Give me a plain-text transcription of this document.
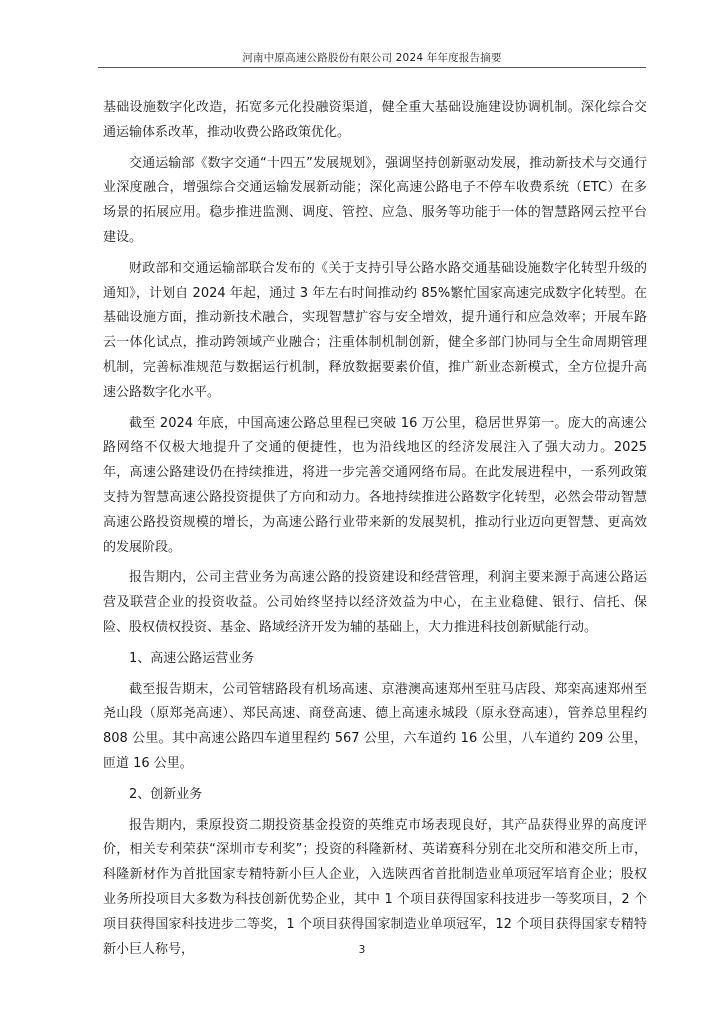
河南中原高速公路股份有限公司 2024 年年度报告摘要

基础设施数字化改造，拓宽多元化投融资渠道，健全重大基础设施建设协调机制。深化综合交通运输体系改革，推动收费公路政策优化。

交通运输部《数字交通“十四五”发展规划》，强调坚持创新驱动发展，推动新技术与交通行业深度融合，增强综合交通运输发展新动能；深化高速公路电子不停车收费系统（ETC）在多场景的拓展应用。稳步推进监测、调度、管控、应急、服务等功能于一体的智慧路网云控平台建设。

财政部和交通运输部联合发布的《关于支持引导公路水路交通基础设施数字化转型升级的通知》，计划自 2024 年起，通过 3 年左右时间推动约 85%繁忙国家高速完成数字化转型。在基础设施方面，推动新技术融合，实现智慧扩容与安全增效，提升通行和应急效率；开展车路云一体化试点，推动跨领域产业融合；注重体制机制创新，健全多部门协同与全生命周期管理机制，完善标准规范与数据运行机制，释放数据要素价值，推广新业态新模式，全方位提升高速公路数字化水平。

截至 2024 年底，中国高速公路总里程已突破 16 万公里，稳居世界第一。庞大的高速公路网络不仅极大地提升了交通的便捷性，也为沿线地区的经济发展注入了强大动力。2025 年，高速公路建设仍在持续推进，将进一步完善交通网络布局。在此发展进程中，一系列政策支持为智慧高速公路投资提供了方向和动力。各地持续推进公路数字化转型，必然会带动智慧高速公路投资规模的增长，为高速公路行业带来新的发展契机，推动行业迈向更智慧、更高效的发展阶段。

报告期内，公司主营业务为高速公路的投资建设和经营管理，利润主要来源于高速公路运营及联营企业的投资收益。公司始终坚持以经济效益为中心，在主业稳健、银行、信托、保险、股权债权投资、基金、路域经济开发为辅的基础上，大力推进科技创新赋能行动。

1、高速公路运营业务

截至报告期末，公司管辖路段有机场高速、京港澳高速郑州至驻马店段、郑栾高速郑州至尧山段（原郑尧高速）、郑民高速、商登高速、德上高速永城段（原永登高速），管养总里程约 808 公里。其中高速公路四车道里程约 567 公里，六车道约 16 公里，八车道约 209 公里，匝道 16 公里。

2、创新业务

报告期内，秉原投资二期投资基金投资的英维克市场表现良好，其产品获得业界的高度评价，相关专利荣获“深圳市专利奖”；投资的科隆新材、英诺赛科分别在北交所和港交所上市，科隆新材作为首批国家专精特新小巨人企业，入选陕西省首批制造业单项冠军培育企业；股权业务所投项目大多数为科技创新优势企业，其中 1 个项目获得国家科技进步一等奖项目，2 个项目获得国家科技进步二等奖，1 个项目获得国家制造业单项冠军，12 个项目获得国家专精特新小巨人称号，	3
